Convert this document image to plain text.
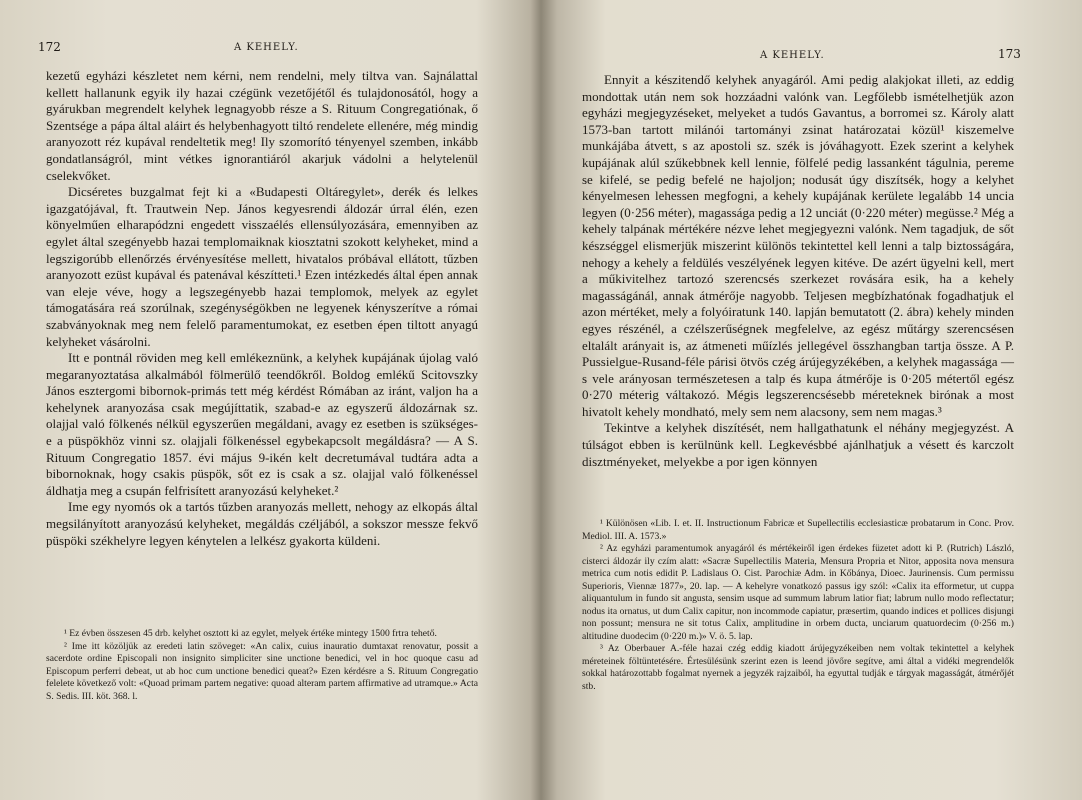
172	A KEHELY.

kezetű egyházi készletet nem kérni, nem rendelni, mely tiltva van. Sajnálattal kellett hallanunk egyik ily hazai czégünk vezetőjétől és tulajdonosától, hogy a gyárukban megrendelt kelyhek legnagyobb része a S. Rituum Congregatiónak, ő Szentsége a pápa által aláirt és helybenhagyott tiltó rendelete ellenére, még mindig aranyozott réz kupával rendeltetik meg! Ily szomorító tényenyel szemben, inkább gondatlanságról, mint vétkes ignorantiáról akarjuk vádolni a helytelenül cselekvőket.

Dicséretes buzgalmat fejt ki a «Budapesti Oltáregylet», derék és lelkes igazgatójával, ft. Trautwein Nep. János kegyesrendi áldozár úrral élén, ezen könyelműen elharapódzni engedett visszaélés ellensúlyozására, emennyiben az egylet által szegényebb hazai templomaiknak kiosztatni szokott kelyheket, mind a legszigorúbb ellenőrzés érvényesítése mellett, hivatalos próbával ellátott, tűzben aranyozott ezüst kupával és patenával készítteti.¹ Ezen intézkedés által épen annak van eleje véve, hogy a legszegényebb hazai templomok, melyek az egylet támogatására reá szorúlnak, szegénységökben ne legyenek kényszerítve a római szabványoknak meg nem felelő paramentumokat, ez esetben épen tiltott anyagú kelyheket vásárolni.

Itt e pontnál röviden meg kell emlékeznünk, a kelyhek kupájának újolag való megaranyoztatása alkalmából fölmerülő teendőkről. Boldog emlékű Scitovszky János esztergomi bibornok-primás tett még kérdést Rómában az iránt, valjon ha a kehelynek aranyozása csak megújíttatik, szabad-e az egyszerű áldozárnak sz. olajjal való fölkenés nélkül egyszerűen megáldani, avagy ez esetben is szükséges-e a püspökhöz vinni sz. olajjali fölkenéssel egybekapcsolt megáldásra? — A S. Rituum Congregatio 1857. évi május 9-ikén kelt decretumával tudtára adta a bibornoknak, hogy csakis püspök, sőt ez is csak a sz. olajjal való fölkenéssel áldhatja meg a csupán felfrisített aranyozású kelyheket.²

Ime egy nyomós ok a tartós tűzben aranyozás mellett, nehogy az elkopás által megsilányított aranyozású kelyheket, megáldás czéljából, a sokszor messze fekvő püspöki székhelyre legyen kénytelen a lelkész gyakorta küldeni.

¹ Ez évben összesen 45 drb. kelyhet osztott ki az egylet, melyek értéke mintegy 1500 frtra tehető.

² Ime itt közöljük az eredeti latin szöveget: «An calix, cuius inauratio dumtaxat renovatur, possit a sacerdote ordine Episcopali non insignito simpliciter sine unctione benedici, vel in hoc quoque casu ad Episcopum perferri debeat, ut ab hoc cum unctione benedici queat?» Ezen kérdésre a S. Rituum Congregatio felelete következő volt: «Quoad primam partem negative: quoad alteram partem affirmative ad utramque.» Acta S. Sedis. III. köt. 368. l.

A KEHELY.	173

Ennyit a készitendő kelyhek anyagáról. Ami pedig alakjokat illeti, az eddig mondottak után nem sok hozzáadni valónk van. Legfőlebb ismételhetjük azon egyházi megjegyzéseket, melyeket a tudós Gavantus, a borromei sz. Károly alatt 1573-ban tartott milánói tartományi zsinat határozatai közül¹ kiszemelve munkájába átvett, s az apostoli sz. szék is jóváhagyott. Ezek szerint a kelyhek kupájának alúl szűkebbnek kell lennie, fölfelé pedig lassanként tágulnia, pereme se kifelé, se pedig befelé ne hajoljon; nodusát úgy diszítsék, hogy a kelyhet kényelmesen lehessen megfogni, a kehely kupájának kerülete legalább 14 uncia legyen (0·256 méter), magassága pedig a 12 unciát (0·220 méter) megüsse.² Még a kehely talpának mértékére nézve lehet megjegyezni valónk. Nem tagadjuk, de sőt készséggel elismerjük miszerint különös tekintettel kell lenni a talp biztosságára, nehogy a kehely a feldülés veszélyének legyen kitéve. De azért ügyelni kell, mert a műkivitelhez tartozó szerencsés szerkezet rovására esik, ha a kehely magasságánál, annak átmérője nagyobb. Teljesen megbízhatónak fogadhatjuk el azon mértéket, mely a folyóiratunk 140. lapján bemutatott (2. ábra) kehely minden egyes részénél, a czélszerűségnek megfelelve, az egész műtárgy szerencsésen eltalált arányait is, az átmeneti műízlés jellegével összhangban tartja össze. A P. Pussielgue-Rusand-féle párisi ötvös czég árújegyzékében, a kelyhek magassága — s vele arányosan természetesen a talp és kupa átmérője is 0·205 métertől egész 0·270 méterig váltakozó. Mégis legszerencsésebb méreteknek birónak a most hivatolt kehely mondható, mely sem nem alacsony, sem nem magas.³

Tekintve a kelyhek diszítését, nem hallgathatunk el néhány megjegyzést. A túlságot ebben is kerülnünk kell. Legkevésbbé ajánlhatjuk a vésett és karczolt disztményeket, melyekbe a por igen könnyen

¹ Különösen «Lib. I. et. II. Instructionum Fabricæ et Supellectilis ecclesiasticæ probatarum in Conc. Prov. Mediol. III. A. 1573.»

² Az egyházi paramentumok anyagáról és mértékeiről igen érdekes füzetet adott ki P. (Rutrich) László, cisterci áldozár ily czím alatt: «Sacræ Supellectilis Materia, Mensura Propria et Nitor, apposita nova mensura metrica cum notis edidit P. Ladislaus O. Cist. Parochiæ Adm. in Kőbánya, Dioec. Jaurinensis. Cum permissu Superioris, Viennæ 1877», 20. lap. — A kehelyre vonatkozó passus igy szól: «Calix ita efformetur, ut cuppa aliquantulum in fundo sit angusta, sensim usque ad summum labrum latior fiat; labrum nullo modo reflectatur; nodus ita ornatus, ut dum Calix capitur, non incommode capiatur, præsertim, quando indices et pollices disjungi non possunt; mensura ne sit totus Calix, amplitudine in orbem ducta, unciarum quatuordecim (0·256 m.) altitudine duodecim (0·220 m.)» V. ö. 5. lap.

³ Az Oberbauer A.-féle hazai czég eddig kiadott árújegyzékeiben nem voltak tekintettel a kelyhek méreteinek föltüntetésére. Értesülésünk szerint ezen is leend jövőre segítve, ami által a vidéki megrendelők sokkal határozottabb fogalmat nyernek a jegyzék rajzaiból, ha egyuttal tudják e tárgyak magasságát, átmérőjét stb.
